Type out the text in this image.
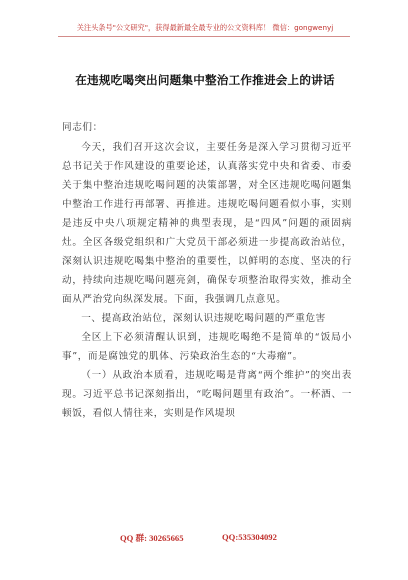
关注头条号"公文研究"，获得最新最全最专业的公文资料库！ 微信：gongwenyj
在违规吃喝突出问题集中整治工作推进会上的讲话

同志们：

今天，我们召开这次会议，主要任务是深入学习贯彻习近平总书记关于作风建设的重要论述，认真落实党中央和省委、市委关于集中整治违规吃喝问题的决策部署，对全区违规吃喝问题集中整治工作进行再部署、再推进。违规吃喝问题看似小事，实则是违反中央八项规定精神的典型表现，是“四风”问题的顽固病灶。全区各级党组织和广大党员干部必须进一步提高政治站位，深刻认识违规吃喝集中整治的重要性，以鲜明的态度、坚决的行动，持续向违规吃喝问题亮剑，确保专项整治取得实效，推动全面从严治党向纵深发展。下面，我强调几点意见。

一、提高政治站位，深刻认识违规吃喝问题的严重危害

全区上下必须清醒认识到，违规吃喝绝不是简单的“饭局小事”，而是腐蚀党的肌体、污染政治生态的“大毒瘤”。

（一）从政治本质看，违规吃喝是背离“两个维护”的突出表现。习近平总书记深刻指出，“吃喝问题里有政治”。一杯酒、一顿饭，看似人情往来，实则是作风堤坝

QQ 群: 30265665	QQ:535304092
